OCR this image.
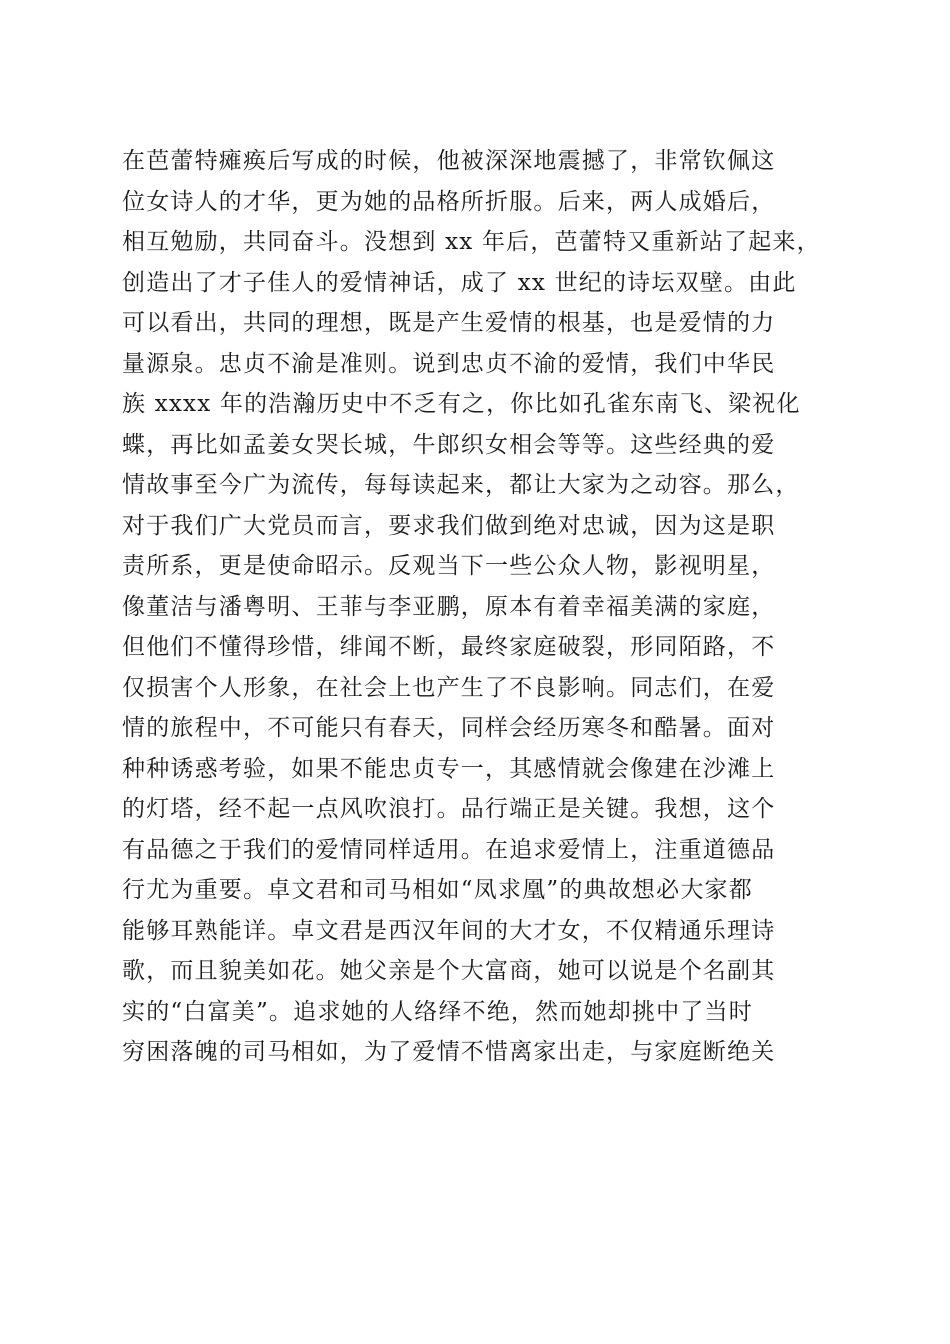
在芭蕾特瘫痪后写成的时候，他被深深地震撼了，非常钦佩这
位女诗人的才华，更为她的品格所折服。后来，两人成婚后，
相互勉励，共同奋斗。没想到 xx 年后，芭蕾特又重新站了起来，
创造出了才子佳人的爱情神话，成了 xx 世纪的诗坛双壁。由此
可以看出，共同的理想，既是产生爱情的根基，也是爱情的力
量源泉。忠贞不渝是准则。说到忠贞不渝的爱情，我们中华民
族 xxxx 年的浩瀚历史中不乏有之，你比如孔雀东南飞、梁祝化
蝶，再比如孟姜女哭长城，牛郎织女相会等等。这些经典的爱
情故事至今广为流传，每每读起来，都让大家为之动容。那么，
对于我们广大党员而言，要求我们做到绝对忠诚，因为这是职
责所系，更是使命昭示。反观当下一些公众人物，影视明星，
像董洁与潘粤明、王菲与李亚鹏，原本有着幸福美满的家庭，
但他们不懂得珍惜，绯闻不断，最终家庭破裂，形同陌路，不
仅损害个人形象，在社会上也产生了不良影响。同志们，在爱
情的旅程中，不可能只有春天，同样会经历寒冬和酷暑。面对
种种诱惑考验，如果不能忠贞专一，其感情就会像建在沙滩上
的灯塔，经不起一点风吹浪打。品行端正是关键。我想，这个
有品德之于我们的爱情同样适用。在追求爱情上，注重道德品
行尤为重要。卓文君和司马相如“凤求凰”的典故想必大家都
能够耳熟能详。卓文君是西汉年间的大才女，不仅精通乐理诗
歌，而且貌美如花。她父亲是个大富商，她可以说是个名副其
实的“白富美”。追求她的人络绎不绝，然而她却挑中了当时
穷困落魄的司马相如，为了爱情不惜离家出走，与家庭断绝关
